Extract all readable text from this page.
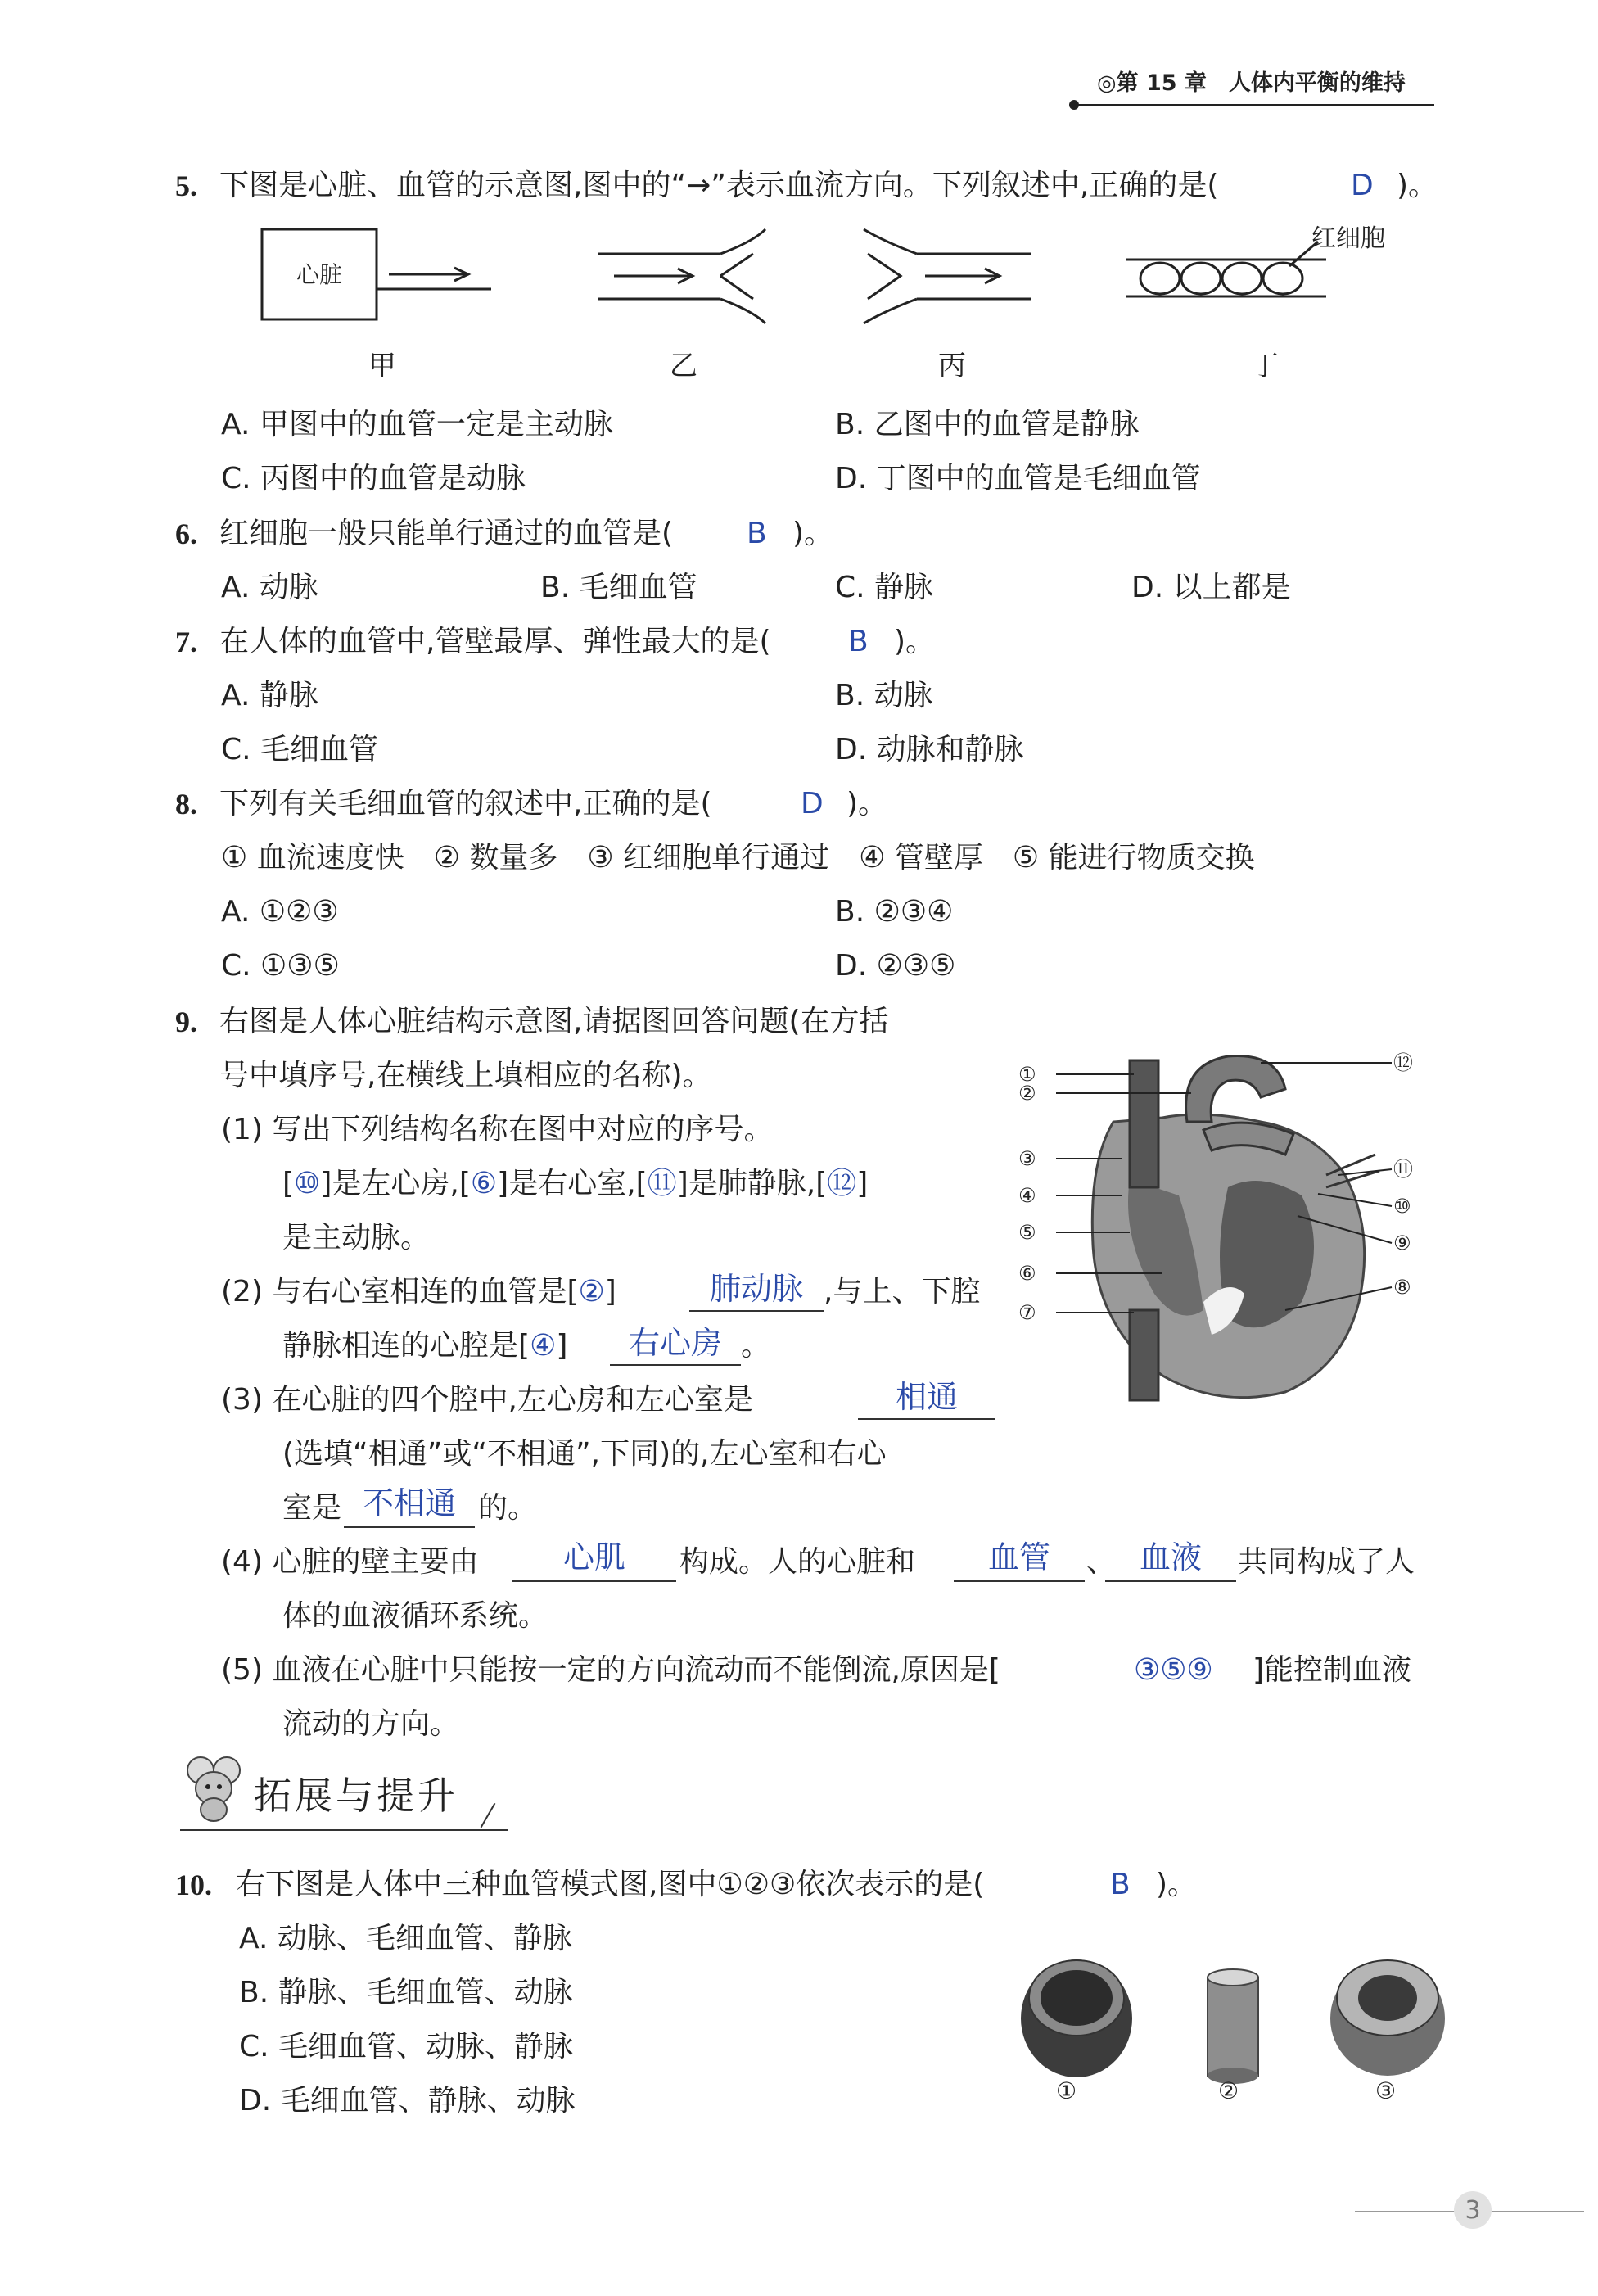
◎第 15 章　人体内平衡的维持
5. 下图是心脏、血管的示意图,图中的“→”表示血流方向。下列叙述中,正确的是(	D )。
心脏
红细胞
甲	乙	丙	丁
A. 甲图中的血管一定是主动脉	B. 乙图中的血管是静脉
C. 丙图中的血管是动脉	D. 丁图中的血管是毛细血管
6. 红细胞一般只能单行通过的血管是( B )。
A. 动脉	B. 毛细血管	C. 静脉	D. 以上都是
7. 在人体的血管中,管壁最厚、弹性最大的是(	B )。
A. 静脉	B. 动脉
C. 毛细血管	D. 动脉和静脉
8. 下列有关毛细血管的叙述中,正确的是(	D )。
① 血流速度快　② 数量多　③ 红细胞单行通过　④ 管壁厚　⑤ 能进行物质交换
A. ①②③	B. ②③④
C. ①③⑤	D. ②③⑤
9. 右图是人体心脏结构示意图,请据图回答问题(在方括
号中填序号,在横线上填相应的名称)。
(1) 写出下列结构名称在图中对应的序号。
[⑩]是左心房,[⑥]是右心室,[⑪]是肺静脉,[⑫]
是主动脉。
(2) 与右心室相连的血管是[②]	肺动脉 ,与上、下腔
静脉相连的心腔是[④]	右心房 。
(3) 在心脏的四个腔中,左心房和左心室是	相通
(选填“相通”或“不相通”,下同)的,左心室和右心
室是 不相通 的。
(4) 心脏的壁主要由	心肌	构成。人的心脏和	血管	、 血液	共同构成了人
体的血液循环系统。
(5) 血液在心脏中只能按一定的方向流动而不能倒流,原因是[	③⑤⑨ ]能控制血液
流动的方向。
①
②
③
④
⑤
⑥
⑦
⑧
⑨
⑩
⑪
⑫
拓展与提升
10. 右下图是人体中三种血管模式图,图中①②③依次表示的是(	B )。
A. 动脉、毛细血管、静脉
B. 静脉、毛细血管、动脉
C. 毛细血管、动脉、静脉
D. 毛细血管、静脉、动脉	①	②	③
3
